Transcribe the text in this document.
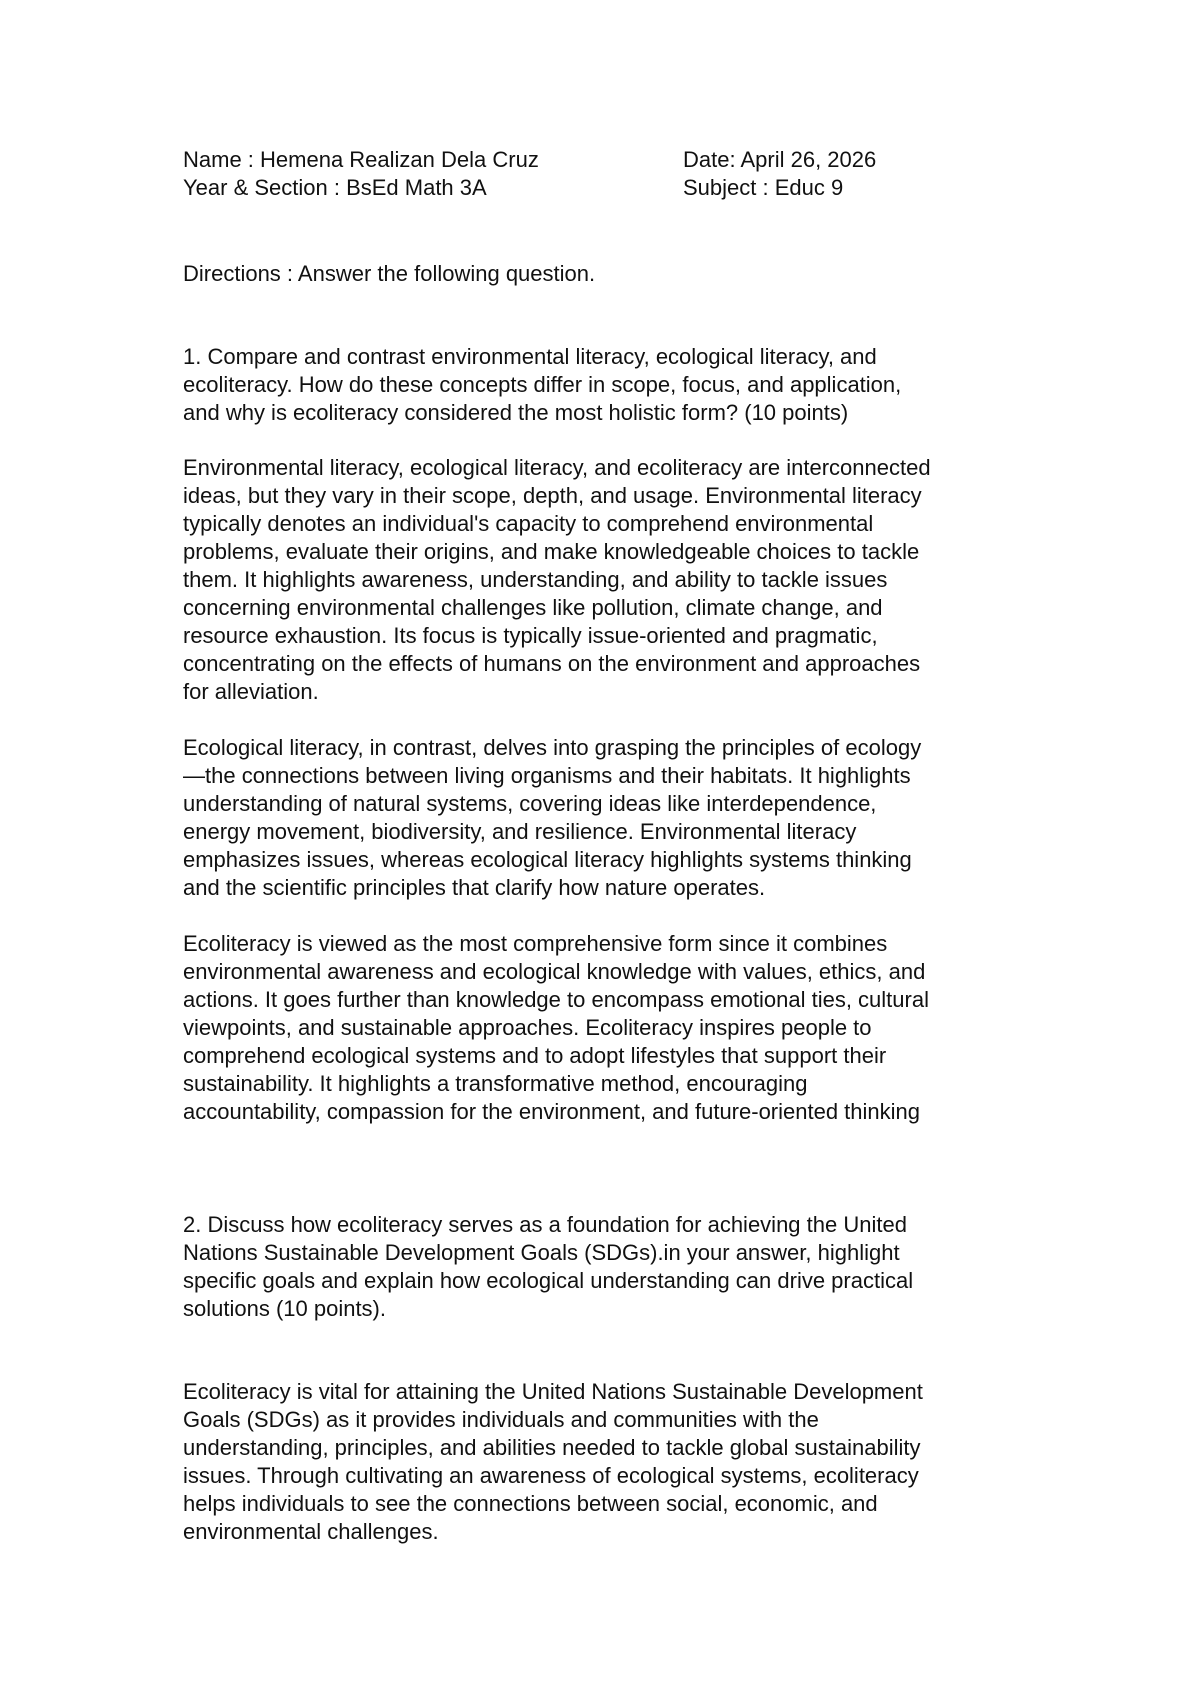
Name : Hemena Realizan Dela Cruz	Date: April 26, 2026
Year & Section : BsEd Math 3A	Subject : Educ 9

Directions : Answer the following question.

1. Compare and contrast environmental literacy, ecological literacy, and

ecoliteracy. How do these concepts differ in scope, focus, and application,

and why is ecoliteracy considered the most holistic form? (10 points)

Environmental literacy, ecological literacy, and ecoliteracy are interconnected

ideas, but they vary in their scope, depth, and usage. Environmental literacy

typically denotes an individual's capacity to comprehend environmental

problems, evaluate their origins, and make knowledgeable choices to tackle

them. It highlights awareness, understanding, and ability to tackle issues

concerning environmental challenges like pollution, climate change, and

resource exhaustion. Its focus is typically issue-oriented and pragmatic,

concentrating on the effects of humans on the environment and approaches

for alleviation.

Ecological literacy, in contrast, delves into grasping the principles of ecology

—the connections between living organisms and their habitats. It highlights

understanding of natural systems, covering ideas like interdependence,

energy movement, biodiversity, and resilience. Environmental literacy

emphasizes issues, whereas ecological literacy highlights systems thinking

and the scientific principles that clarify how nature operates.

Ecoliteracy is viewed as the most comprehensive form since it combines

environmental awareness and ecological knowledge with values, ethics, and

actions. It goes further than knowledge to encompass emotional ties, cultural

viewpoints, and sustainable approaches. Ecoliteracy inspires people to

comprehend ecological systems and to adopt lifestyles that support their

sustainability. It highlights a transformative method, encouraging

accountability, compassion for the environment, and future-oriented thinking

2. Discuss how ecoliteracy serves as a foundation for achieving the United

Nations Sustainable Development Goals (SDGs).in your answer, highlight

specific goals and explain how ecological understanding can drive practical

solutions (10 points).

Ecoliteracy is vital for attaining the United Nations Sustainable Development

Goals (SDGs) as it provides individuals and communities with the

understanding, principles, and abilities needed to tackle global sustainability

issues. Through cultivating an awareness of ecological systems, ecoliteracy

helps individuals to see the connections between social, economic, and

environmental challenges.
